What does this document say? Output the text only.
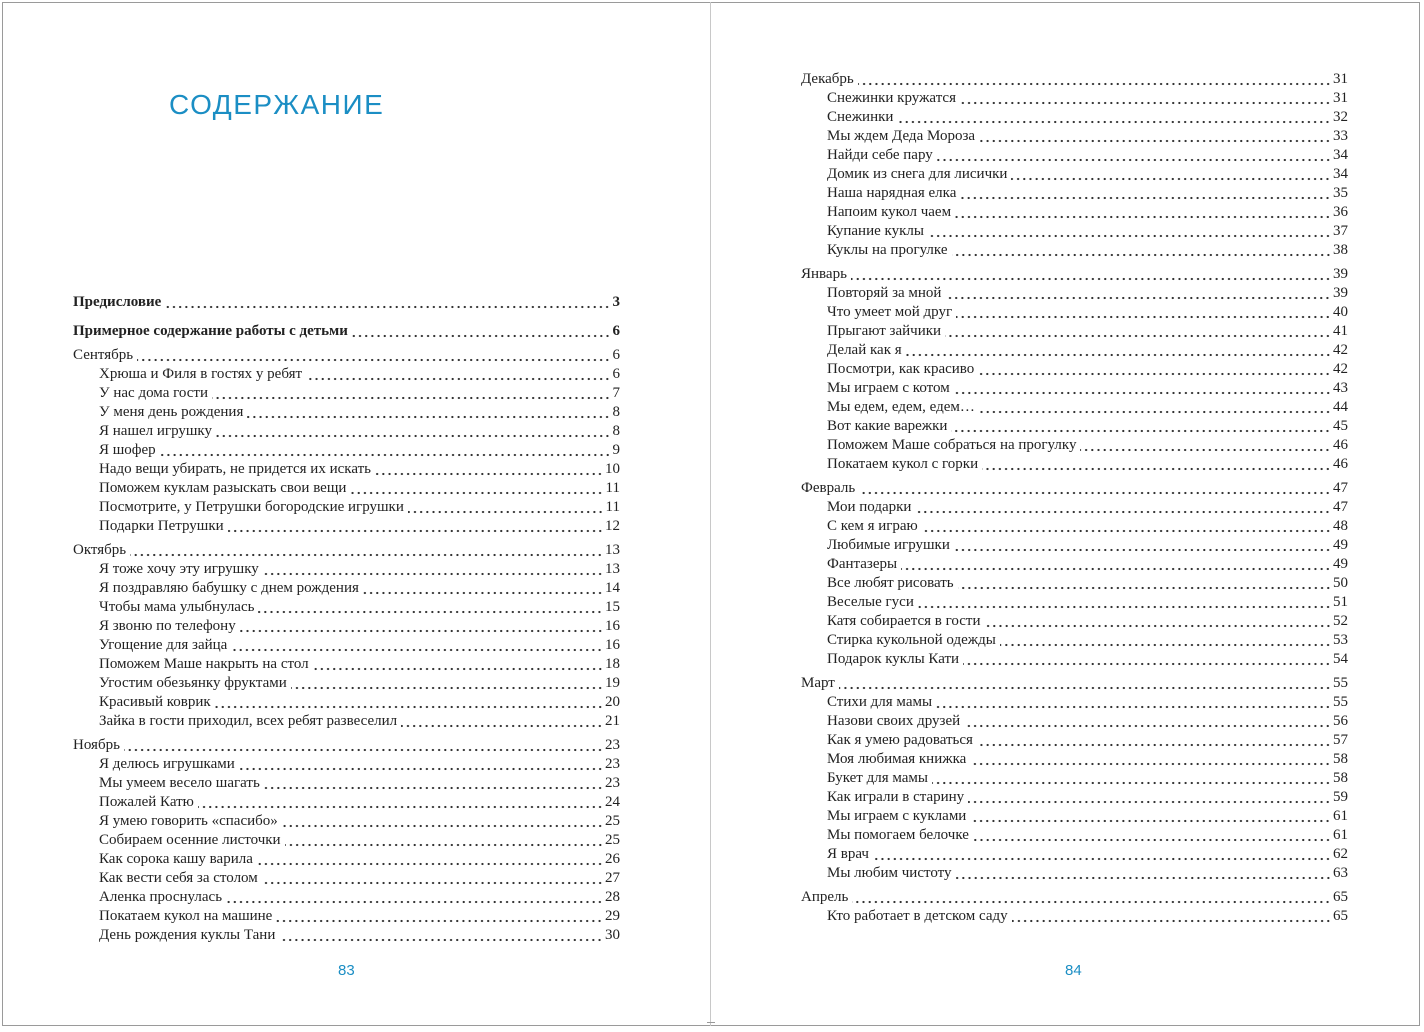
СОДЕРЖАНИЕ
Предисловие	3
Примерное содержание работы с детьми	6
Сентябрь	6
Хрюша и Филя в гостях у ребят	6
У нас дома гости	7
У меня день рождения	8
Я нашел игрушку	8
Я шофер	9
Надо вещи убирать, не придется их искать	10
Поможем куклам разыскать свои вещи	11
Посмотрите, у Петрушки богородские игрушки	11
Подарки Петрушки	12
Октябрь	13
Я тоже хочу эту игрушку	13
Я поздравляю бабушку с днем рождения	14
Чтобы мама улыбнулась	15
Я звоню по телефону	16
Угощение для зайца	16
Поможем Маше накрыть на стол	18
Угостим обезьянку фруктами	19
Красивый коврик	20
Зайка в гости приходил, всех ребят развеселил	21
Ноябрь	23
Я делюсь игрушками	23
Мы умеем весело шагать	23
Пожалей Катю	24
Я умею говорить «спасибо»	25
Собираем осенние листочки	25
Как сорока кашу варила	26
Как вести себя за столом	27
Аленка проснулась	28
Покатаем кукол на машине	29
День рождения куклы Тани	30
Декабрь	31
Снежинки кружатся	31
Снежинки	32
Мы ждем Деда Мороза	33
Найди себе пару	34
Домик из снега для лисички	34
Наша нарядная елка	35
Напоим кукол чаем	36
Купание куклы	37
Куклы на прогулке	38
Январь	39
Повторяй за мной	39
Что умеет мой друг	40
Прыгают зайчики	41
Делай как я	42
Посмотри, как красиво	42
Мы играем с котом	43
Мы едем, едем, едем…	44
Вот какие варежки	45
Поможем Маше собраться на прогулку	46
Покатаем кукол с горки	46
Февраль	47
Мои подарки	47
С кем я играю	48
Любимые игрушки	49
Фантазеры	49
Все любят рисовать	50
Веселые гуси	51
Катя собирается в гости	52
Стирка кукольной одежды	53
Подарок куклы Кати	54
Март	55
Стихи для мамы	55
Назови своих друзей	56
Как я умею радоваться	57
Моя любимая книжка	58
Букет для мамы	58
Как играли в старину	59
Мы играем с куклами	61
Мы помогаем белочке	61
Я врач	62
Мы любим чистоту	63
Апрель	65
Кто работает в детском саду	65
83	84
